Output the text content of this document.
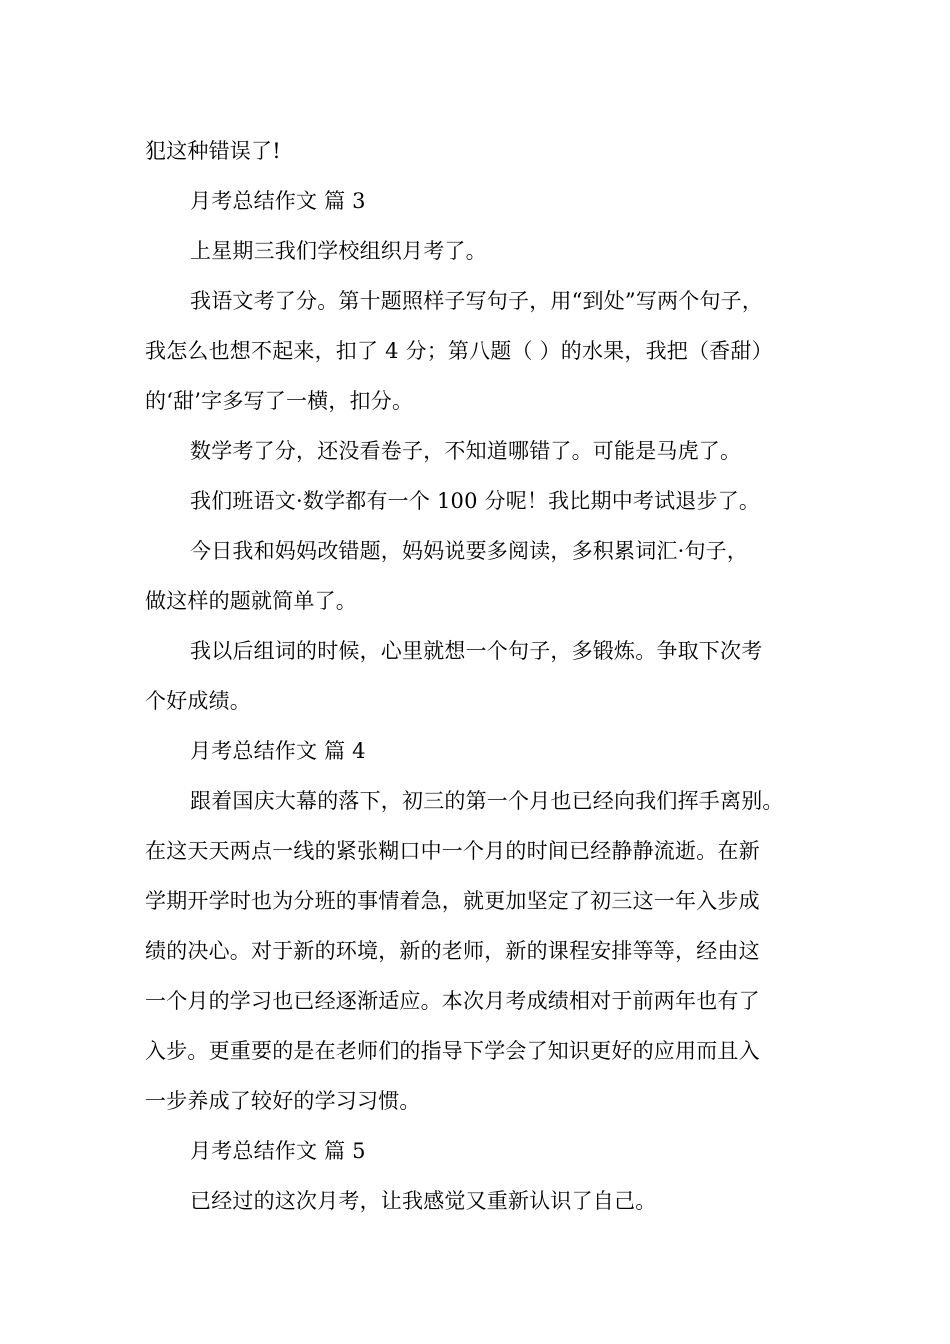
犯这种错误了!
月考总结作文 篇 3
上星期三我们学校组织月考了。
我语文考了分。第十题照样子写句子，用“到处”写两个句子，
我怎么也想不起来，扣了 4 分；第八题（ ）的水果，我把（香甜）
的‘甜’字多写了一横，扣分。
数学考了分，还没看卷子，不知道哪错了。可能是马虎了。
我们班语文·数学都有一个 100 分呢！我比期中考试退步了。
今日我和妈妈改错题，妈妈说要多阅读，多积累词汇·句子，
做这样的题就简单了。
我以后组词的时候，心里就想一个句子，多锻炼。争取下次考
个好成绩。
月考总结作文 篇 4
跟着国庆大幕的落下，初三的第一个月也已经向我们挥手离别。
在这天天两点一线的紧张糊口中一个月的时间已经静静流逝。在新
学期开学时也为分班的事情着急，就更加坚定了初三这一年入步成
绩的决心。对于新的环境，新的老师，新的课程安排等等，经由这
一个月的学习也已经逐渐适应。本次月考成绩相对于前两年也有了
入步。更重要的是在老师们的指导下学会了知识更好的应用而且入
一步养成了较好的学习习惯。
月考总结作文 篇 5
已经过的这次月考，让我感觉又重新认识了自己。
